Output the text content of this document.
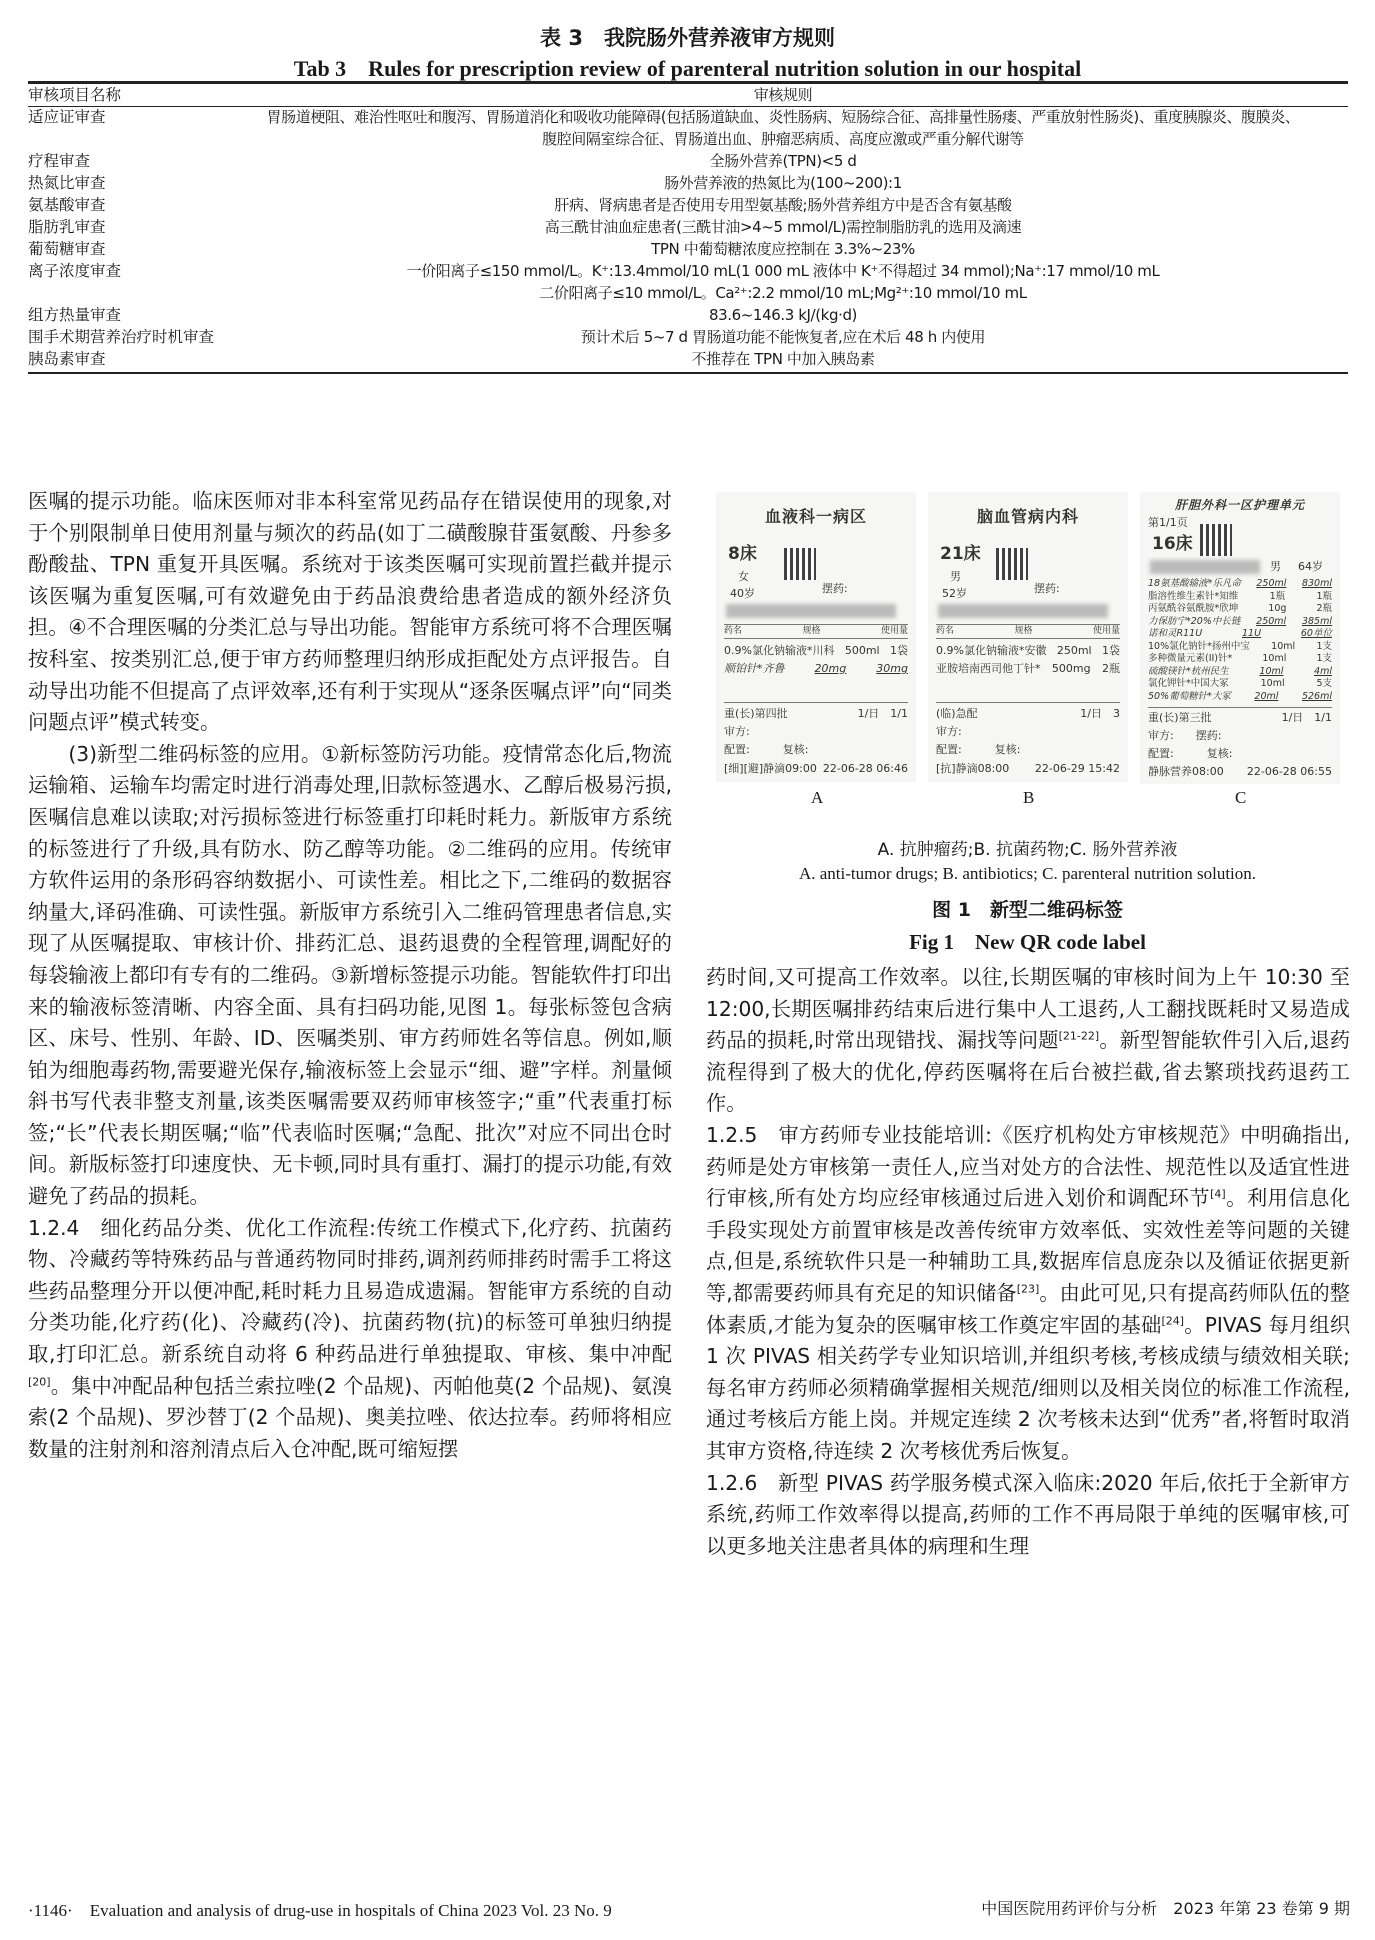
表 3　我院肠外营养液审方规则
Tab 3　Rules for prescription review of parenteral nutrition solution in our hospital
审核项目名称	审核规则
适应证审查	胃肠道梗阻、难治性呕吐和腹泻、胃肠道消化和吸收功能障碍(包括肠道缺血、炎性肠病、短肠综合征、高排量性肠瘘、严重放射性肠炎)、重度胰腺炎、腹膜炎、
	腹腔间隔室综合征、胃肠道出血、肿瘤恶病质、高度应激或严重分解代谢等
疗程审查	全肠外营养(TPN)<5 d
热氮比审查	肠外营养液的热氮比为(100~200):1
氨基酸审查	肝病、肾病患者是否使用专用型氨基酸;肠外营养组方中是否含有氨基酸
脂肪乳审查	高三酰甘油血症患者(三酰甘油>4~5 mmol/L)需控制脂肪乳的选用及滴速
葡萄糖审查	TPN 中葡萄糖浓度应控制在 3.3%~23%
离子浓度审查	一价阳离子≤150 mmol/L。K⁺:13.4mmol/10 mL(1 000 mL 液体中 K⁺不得超过 34 mmol);Na⁺:17 mmol/10 mL
	二价阳离子≤10 mmol/L。Ca²⁺:2.2 mmol/10 mL;Mg²⁺:10 mmol/10 mL
组方热量审查	83.6~146.3 kJ/(kg·d)
围手术期营养治疗时机审查	预计术后 5~7 d 胃肠道功能不能恢复者,应在术后 48 h 内使用
胰岛素审查	不推荐在 TPN 中加入胰岛素

医嘱的提示功能。临床医师对非本科室常见药品存在错误使用的现象,对于个别限制单日使用剂量与频次的药品(如丁二磺酸腺苷蛋氨酸、丹参多酚酸盐、TPN 重复开具医嘱。系统对于该类医嘱可实现前置拦截并提示该医嘱为重复医嘱,可有效避免由于药品浪费给患者造成的额外经济负担。④不合理医嘱的分类汇总与导出功能。智能审方系统可将不合理医嘱按科室、按类别汇总,便于审方药师整理归纳形成拒配处方点评报告。自动导出功能不但提高了点评效率,还有利于实现从“逐条医嘱点评”向“同类问题点评”模式转变。

(3)新型二维码标签的应用。①新标签防污功能。疫情常态化后,物流运输箱、运输车均需定时进行消毒处理,旧款标签遇水、乙醇后极易污损,医嘱信息难以读取;对污损标签进行标签重打印耗时耗力。新版审方系统的标签进行了升级,具有防水、防乙醇等功能。②二维码的应用。传统审方软件运用的条形码容纳数据小、可读性差。相比之下,二维码的数据容纳量大,译码准确、可读性强。新版审方系统引入二维码管理患者信息,实现了从医嘱提取、审核计价、排药汇总、退药退费的全程管理,调配好的每袋输液上都印有专有的二维码。③新增标签提示功能。智能软件打印出来的输液标签清晰、内容全面、具有扫码功能,见图 1。每张标签包含病区、床号、性别、年龄、ID、医嘱类别、审方药师姓名等信息。例如,顺铂为细胞毒药物,需要避光保存,输液标签上会显示“细、避”字样。剂量倾斜书写代表非整支剂量,该类医嘱需要双药师审核签字;“重”代表重打标签;“长”代表长期医嘱;“临”代表临时医嘱;“急配、批次”对应不同出仓时间。新版标签打印速度快、无卡顿,同时具有重打、漏打的提示功能,有效避免了药品的损耗。

1.2.4　细化药品分类、优化工作流程:传统工作模式下,化疗药、抗菌药物、冷藏药等特殊药品与普通药物同时排药,调剂药师排药时需手工将这些药品整理分开以便冲配,耗时耗力且易造成遗漏。智能审方系统的自动分类功能,化疗药(化)、冷藏药(冷)、抗菌药物(抗)的标签可单独归纳提取,打印汇总。新系统自动将 6 种药品进行单独提取、审核、集中冲配[20]。集中冲配品种包括兰索拉唑(2 个品规)、丙帕他莫(2 个品规)、氨溴索(2 个品规)、罗沙替丁(2 个品规)、奥美拉唑、依达拉奉。药师将相应数量的注射剂和溶剂清点后入仓冲配,既可缩短摆

血液科一病区
摆药:
8床
女
40岁
药名	规格	使用量
0.9%氯化钠输液*川科 500ml 1袋
顺铂针*齐鲁	20mg	30mg
重(长)第四批	1/日　1/1
审方:
配置:　　　复核:
[细][避]静滴09:00 22-06-28 06:46
A
脑血管病内科
摆药:
21床
男
52岁
药名	规格	使用量
0.9%氯化钠输液*安徽 250ml 1袋
亚胺培南西司他丁针* 500mg 2瓶
(临)急配	1/日　3
审方:
配置:　　　复核:
[抗]静滴08:00 22-06-29 15:42
B
肝胆外科一区护理单元
第1/1页
16床
男 64岁
18氨基酸输液*乐凡命 250ml 830ml
脂溶性维生素针*知维	1瓶	1瓶
丙氨酰谷氨酰胺*欣坤	10g	2瓶
力保肪宁*20%中长链 250ml 385ml
诺和灵R11U	11U	60单位
10%氯化钠针*扬州中宝 10ml 1支
多种微量元素(II)针*	10ml	1支
硫酸镁针*杭州民生	10ml	4ml
氯化钾针*中国大冢	10ml	5支
50%葡萄糖针*大冢 20ml 526ml
重(长)第三批	1/日　1/1
审方:　　摆药:
配置:　　　复核:
静脉营养08:00 22-06-28 06:55
C
A. 抗肿瘤药;B. 抗菌药物;C. 肠外营养液
A. anti-tumor drugs; B. antibiotics; C. parenteral nutrition solution.
图 1　新型二维码标签
Fig 1　New QR code label

药时间,又可提高工作效率。以往,长期医嘱的审核时间为上午 10:30 至 12:00,长期医嘱排药结束后进行集中人工退药,人工翻找既耗时又易造成药品的损耗,时常出现错找、漏找等问题[21-22]。新型智能软件引入后,退药流程得到了极大的优化,停药医嘱将在后台被拦截,省去繁琐找药退药工作。

1.2.5　审方药师专业技能培训:《医疗机构处方审核规范》中明确指出,药师是处方审核第一责任人,应当对处方的合法性、规范性以及适宜性进行审核,所有处方均应经审核通过后进入划价和调配环节[4]。利用信息化手段实现处方前置审核是改善传统审方效率低、实效性差等问题的关键点,但是,系统软件只是一种辅助工具,数据库信息庞杂以及循证依据更新等,都需要药师具有充足的知识储备[23]。由此可见,只有提高药师队伍的整体素质,才能为复杂的医嘱审核工作奠定牢固的基础[24]。PIVAS 每月组织 1 次 PIVAS 相关药学专业知识培训,并组织考核,考核成绩与绩效相关联;每名审方药师必须精确掌握相关规范/细则以及相关岗位的标准工作流程,通过考核后方能上岗。并规定连续 2 次考核未达到“优秀”者,将暂时取消其审方资格,待连续 2 次考核优秀后恢复。

1.2.6　新型 PIVAS 药学服务模式深入临床:2020 年后,依托于全新审方系统,药师工作效率得以提高,药师的工作不再局限于单纯的医嘱审核,可以更多地关注患者具体的病理和生理

·1146·　Evaluation and analysis of drug-use in hospitals of China 2023 Vol. 23 No. 9	中国医院用药评价与分析　2023 年第 23 卷第 9 期
